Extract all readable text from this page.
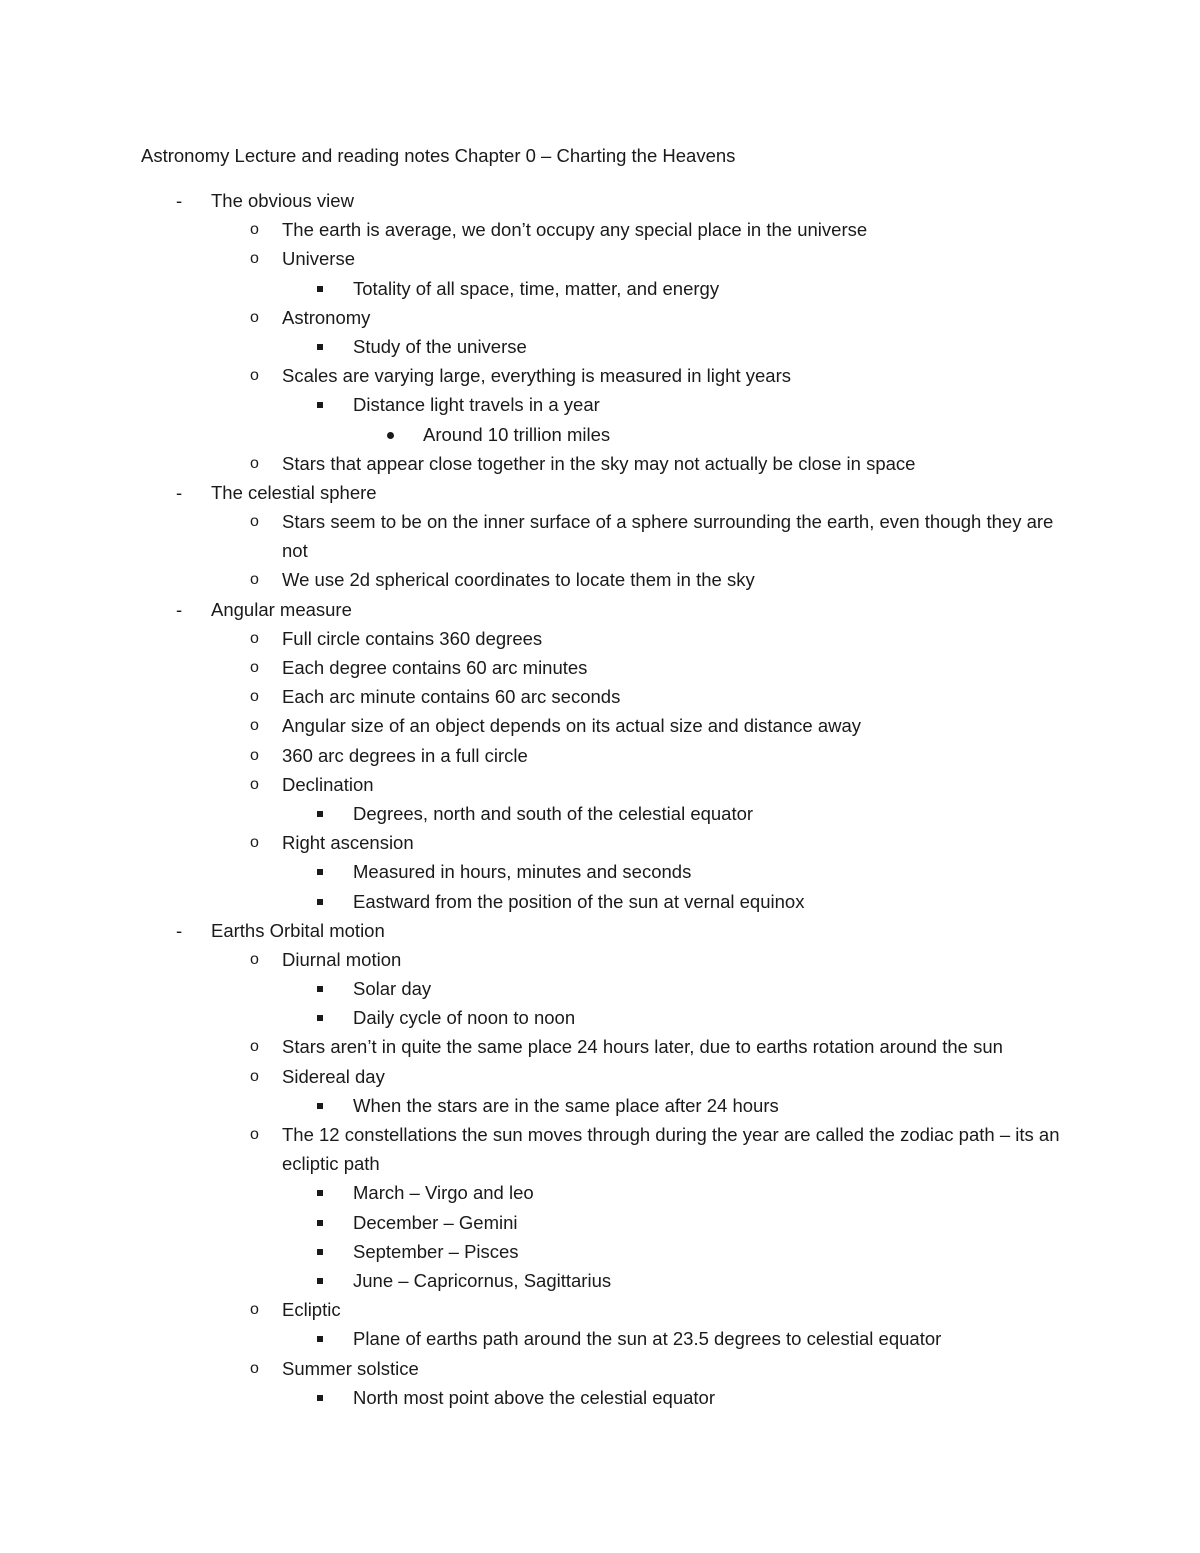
Astronomy Lecture and reading notes Chapter 0 – Charting the Heavens
- The obvious view
o The earth is average, we don’t occupy any special place in the universe
o Universe
Totality of all space, time, matter, and energy
o Astronomy
Study of the universe
o Scales are varying large, everything is measured in light years
Distance light travels in a year
Around 10 trillion miles
o Stars that appear close together in the sky may not actually be close in space
- The celestial sphere
o Stars seem to be on the inner surface of a sphere surrounding the earth, even though they are not
o We use 2d spherical coordinates to locate them in the sky
- Angular measure
o Full circle contains 360 degrees
o Each degree contains 60 arc minutes
o Each arc minute contains 60 arc seconds
o Angular size of an object depends on its actual size and distance away
o 360 arc degrees in a full circle
o Declination
Degrees, north and south of the celestial equator
o Right ascension
Measured in hours, minutes and seconds
Eastward from the position of the sun at vernal equinox
- Earths Orbital motion
o Diurnal motion
Solar day
Daily cycle of noon to noon
o Stars aren’t in quite the same place 24 hours later, due to earths rotation around the sun
o Sidereal day
When the stars are in the same place after 24 hours
o The 12 constellations the sun moves through during the year are called the zodiac path – its an ecliptic path
March – Virgo and leo
December – Gemini
September – Pisces
June – Capricornus, Sagittarius
o Ecliptic
Plane of earths path around the sun at 23.5 degrees to celestial equator
o Summer solstice
North most point above the celestial equator
